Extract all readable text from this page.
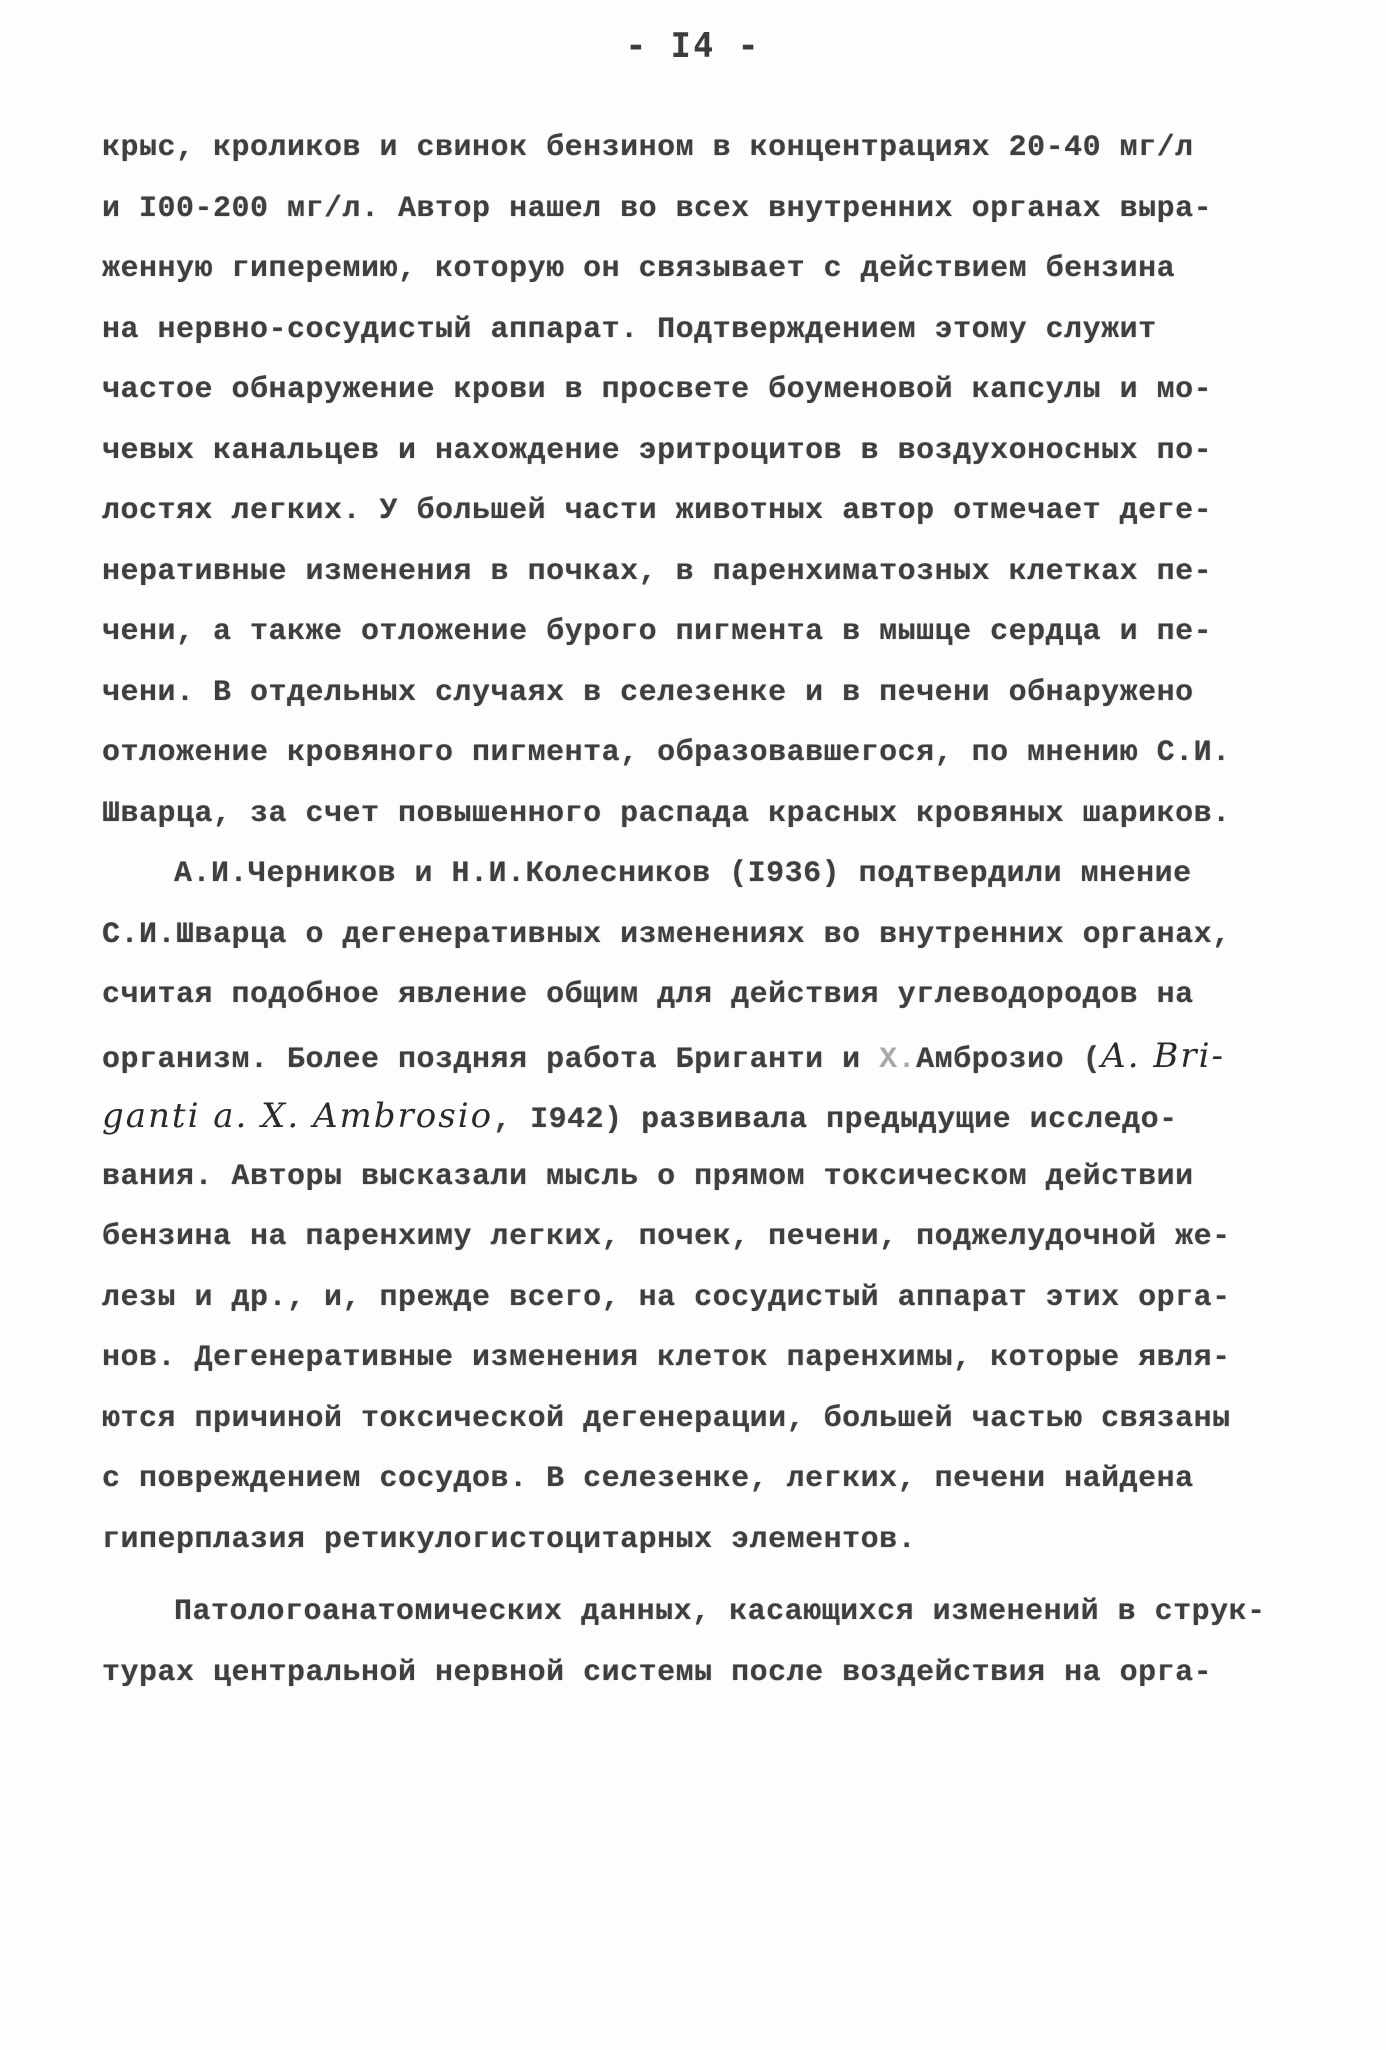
- I4 -
крыс, кроликов и свинок бензином в концентрациях 20-40 мг/л
и I00-200 мг/л. Автор нашел во всех внутренних органах выра-
женную гиперемию, которую он связывает с действием бензина
на нервно-сосудистый аппарат. Подтверждением этому служит
частое обнаружение крови в просвете боуменовой капсулы и мо-
чевых канальцев и нахождение эритроцитов в воздухоносных по-
лостях легких. У большей части животных автор отмечает деге-
неративные изменения в почках, в паренхиматозных клетках пе-
чени, а также отложение бурого пигмента в мышце сердца и пе-
чени. В отдельных случаях в селезенке и в печени обнаружено
отложение кровяного пигмента, образовавшегося, по мнению С.И.
Шварца, за счет повышенного распада красных кровяных шариков.
А.И.Черников и Н.И.Колесников (I936) подтвердили мнение
С.И.Шварца о дегенеративных изменениях во внутренних органах,
считая подобное явление общим для действия углеводородов на
организм. Более поздняя работа Бриганти и Х.Амброзио (A. Bri-
ganti a. X. Ambrosio, I942) развивала предыдущие исследо-
вания. Авторы высказали мысль о прямом токсическом действии
бензина на паренхиму легких, почек, печени, поджелудочной же-
лезы и др., и, прежде всего, на сосудистый аппарат этих орга-
нов. Дегенеративные изменения клеток паренхимы, которые явля-
ются причиной токсической дегенерации, большей частью связаны
с повреждением сосудов. В селезенке, легких, печени найдена
гиперплазия ретикулогистоцитарных элементов.
Патологоанатомических данных, касающихся изменений в струк-
турах центральной нервной системы после воздействия на орга-
